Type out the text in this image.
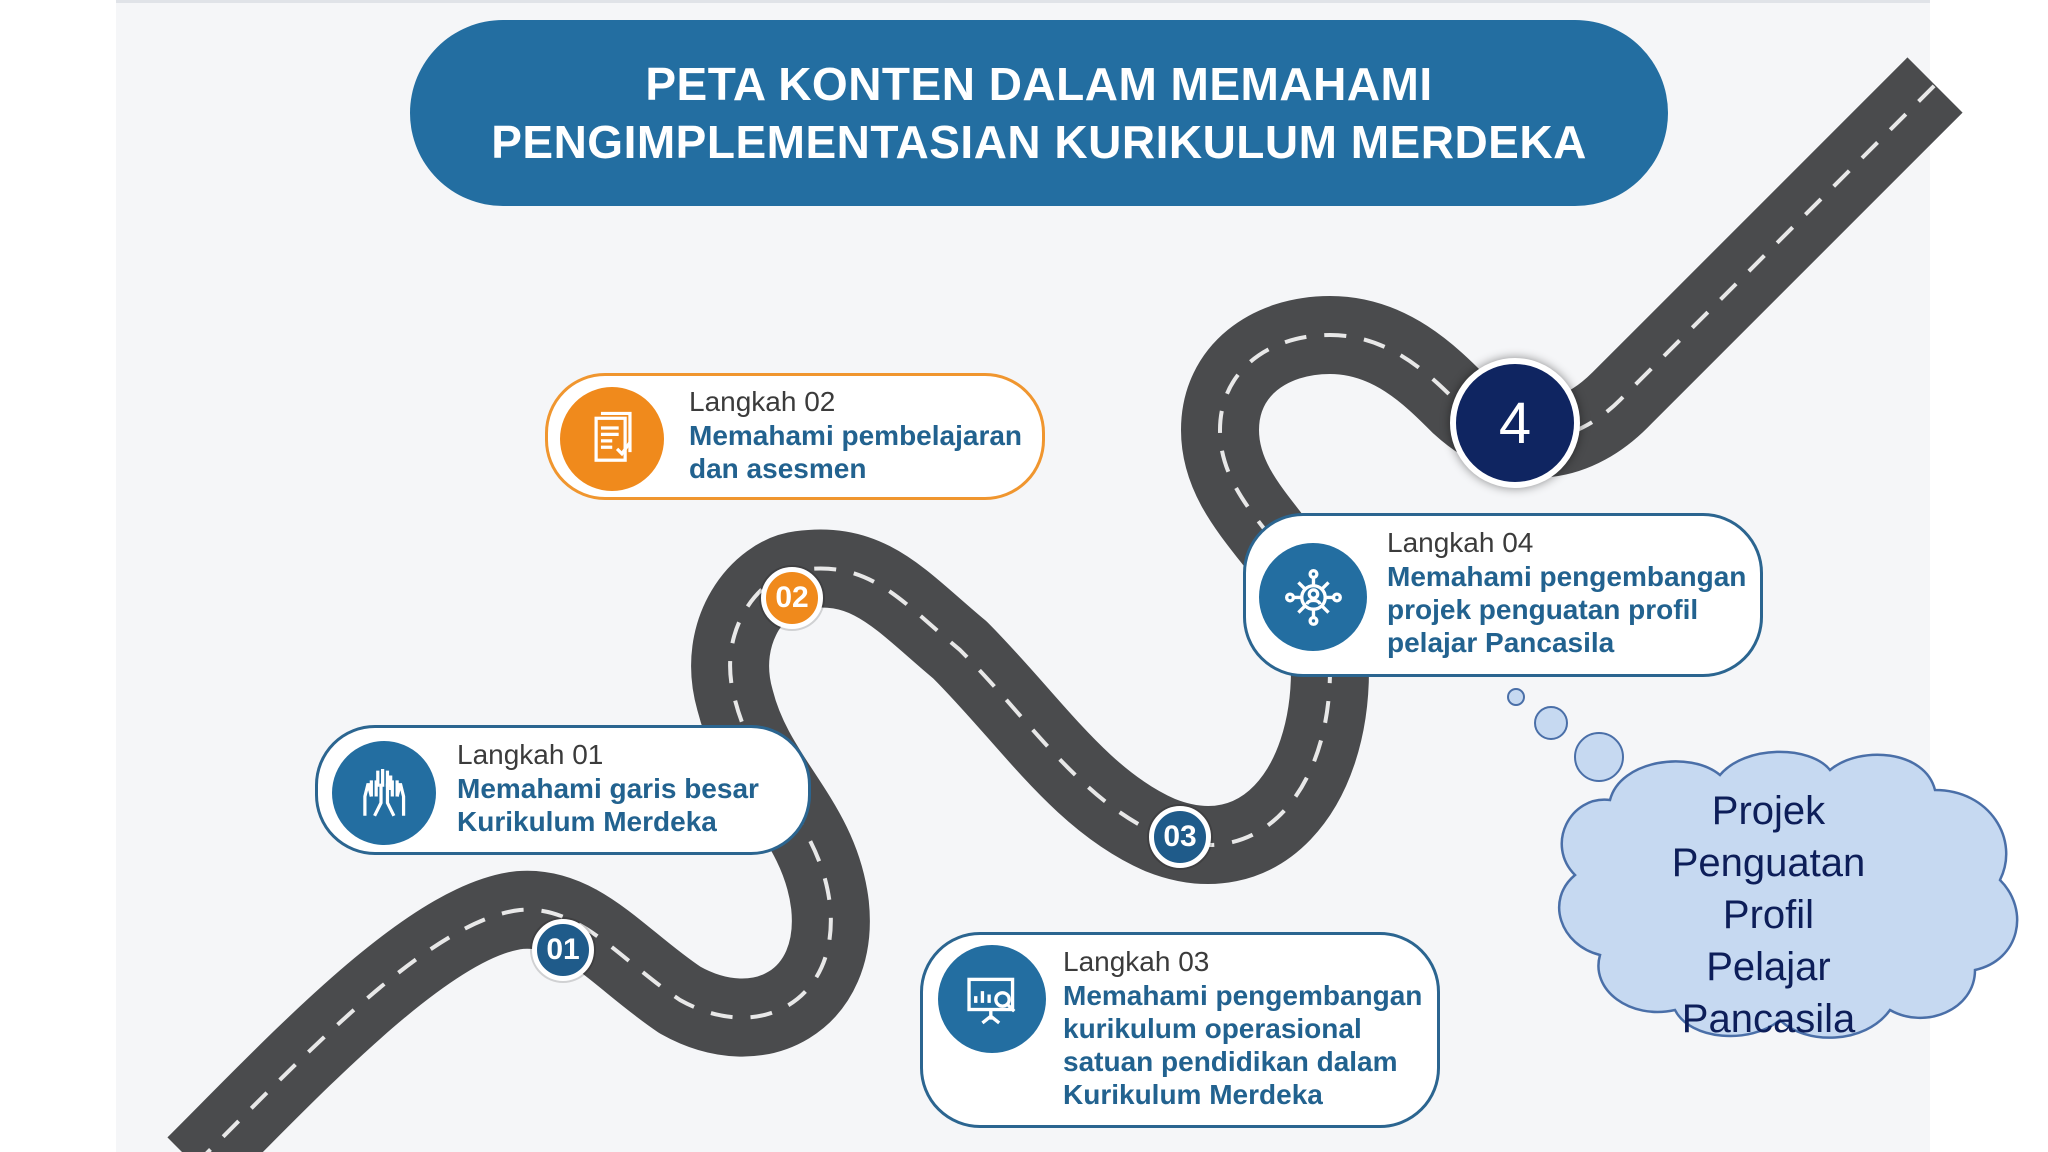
PETA KONTEN DALAM MEMAHAMI
PENGIMPLEMENTASIAN KURIKULUM MERDEKA
Langkah 01
Memahami garis besar
Kurikulum Merdeka
Langkah 02
Memahami pembelajaran
dan asesmen
Langkah 03
Memahami pengembangan
kurikulum operasional
satuan pendidikan dalam
Kurikulum Merdeka
Langkah 04
Memahami pengembangan
projek penguatan profil
pelajar Pancasila
01
02
03
4
Projek
Penguatan
Profil
Pelajar
Pancasila
